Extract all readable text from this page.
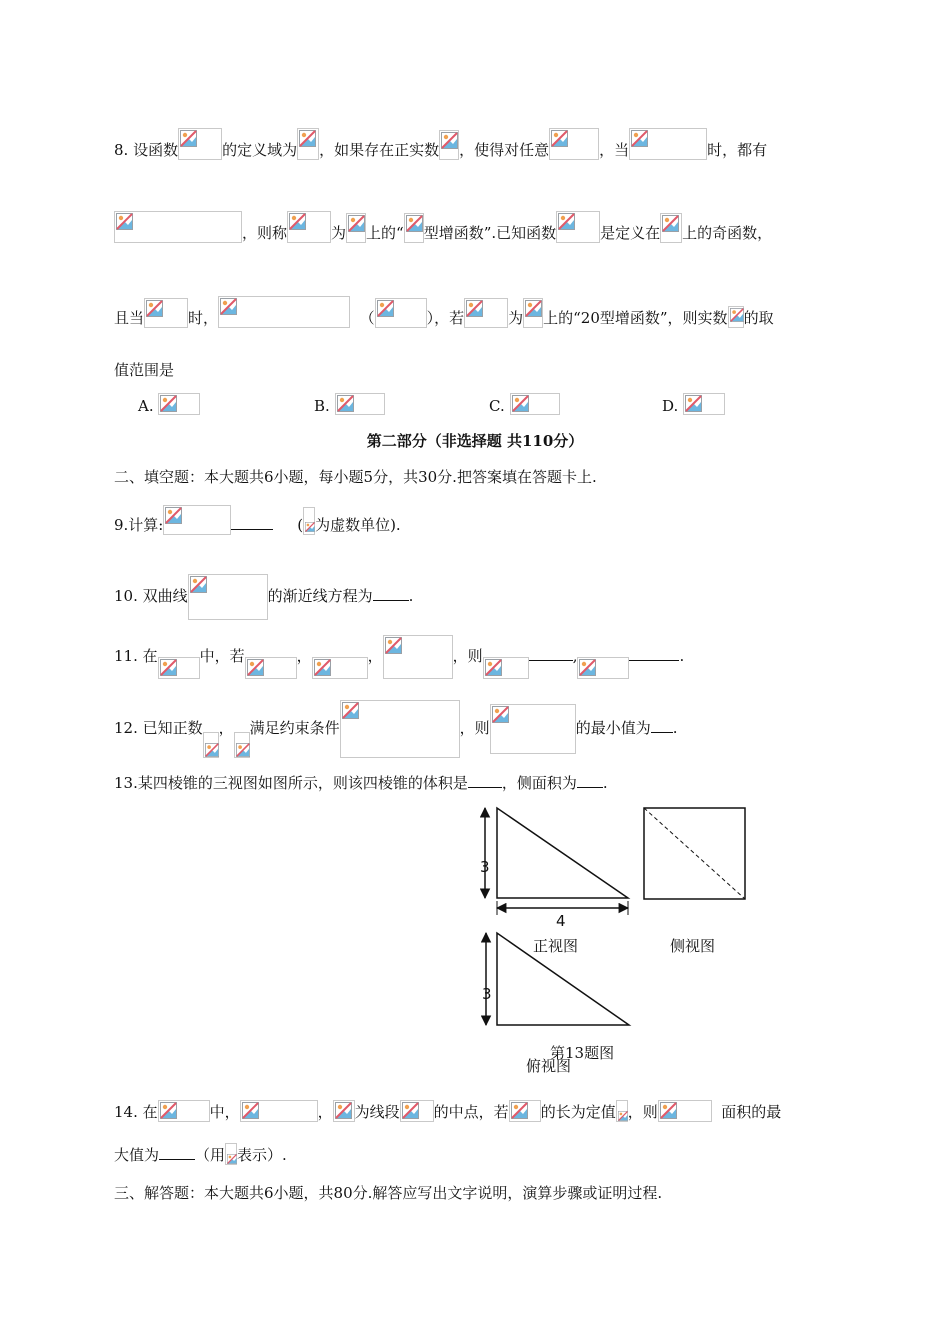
8. 设函数	的定义域为 ，如果存在正实数 ，使得对任意	，当	时，都有
，则称	为 上的“ 型增函数”.已知函数	是定义在 上的奇函数，
且当	时，	（	），若	为 上的“20型增函数”，则实数 的取
值范围是
A.	B.	C.	D.
第二部分（非选择题 共110分）
二、填空题：本大题共6小题，每小题5分，共30分.把答案填在答题卡上.
9.计算:	( 为虚数单位).
10. 双曲线	的渐近线方程为 .
11. 在	中，若	，	，	，则	,	.
12. 已知正数 ， 满足约束条件	，则	的最小值为 .
13.某四棱锥的三视图如图所示，则该四棱锥的体积是 ，侧面积为 .
3
4
3
正视图	侧视图
第13题图
俯视图
14. 在	中，	， 为线段 的中点，若 的长为定值 ，则	面积的最
大值为 （用 表示）.
三、解答题：本大题共6小题，共80分.解答应写出文字说明，演算步骤或证明过程.
